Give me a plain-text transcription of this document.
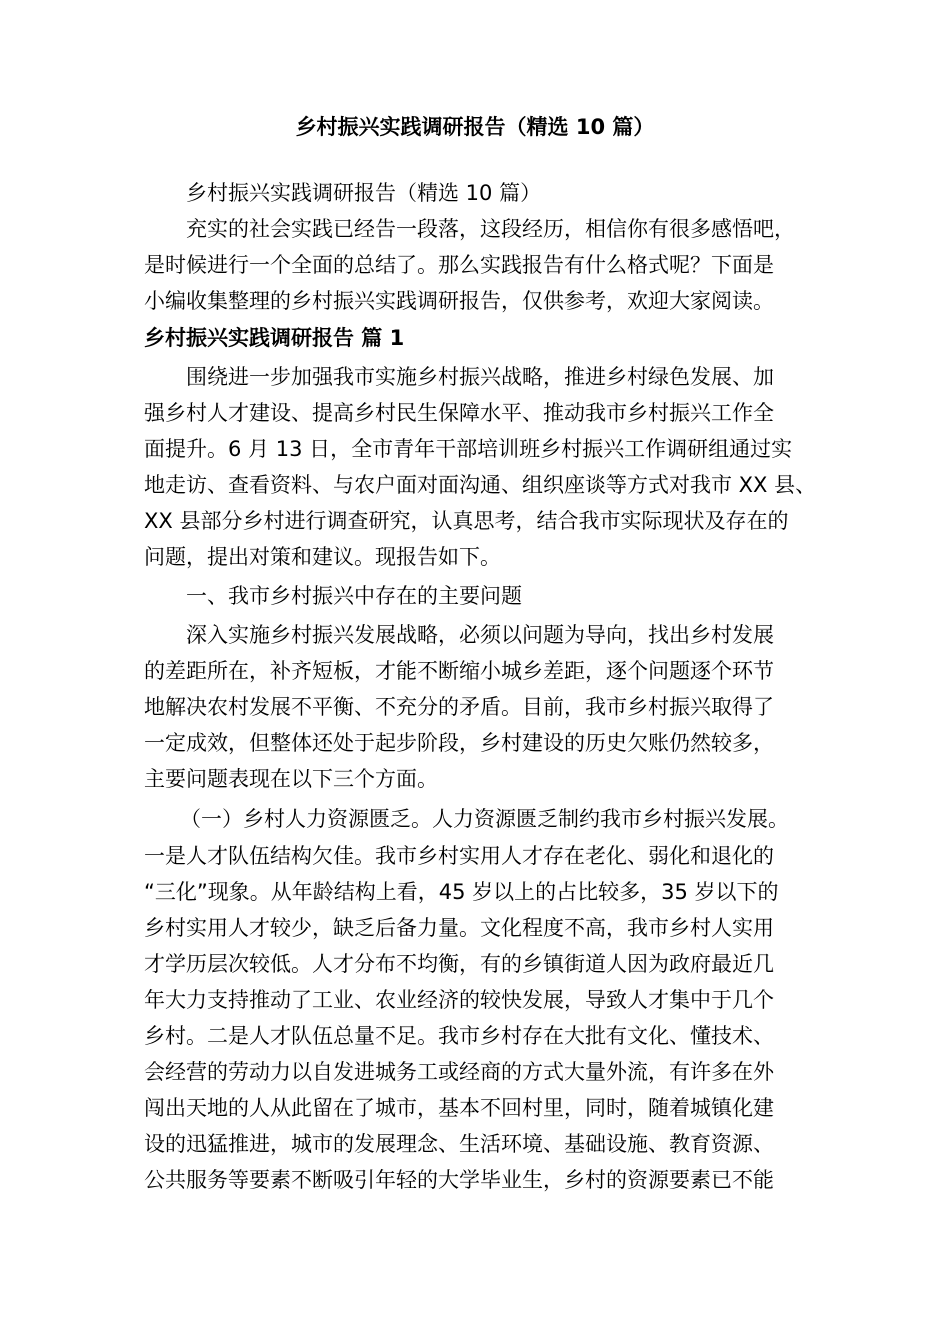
乡村振兴实践调研报告（精选 10 篇）
乡村振兴实践调研报告（精选 10 篇）
充实的社会实践已经告一段落，这段经历，相信你有很多感悟吧，
是时候进行一个全面的总结了。那么实践报告有什么格式呢？下面是
小编收集整理的乡村振兴实践调研报告，仅供参考，欢迎大家阅读。
乡村振兴实践调研报告 篇 1
围绕进一步加强我市实施乡村振兴战略，推进乡村绿色发展、加
强乡村人才建设、提高乡村民生保障水平、推动我市乡村振兴工作全
面提升。6 月 13 日，全市青年干部培训班乡村振兴工作调研组通过实
地走访、查看资料、与农户面对面沟通、组织座谈等方式对我市 XX 县、
XX 县部分乡村进行调查研究，认真思考，结合我市实际现状及存在的
问题，提出对策和建议。现报告如下。
一、我市乡村振兴中存在的主要问题
深入实施乡村振兴发展战略，必须以问题为导向，找出乡村发展
的差距所在，补齐短板，才能不断缩小城乡差距，逐个问题逐个环节
地解决农村发展不平衡、不充分的矛盾。目前，我市乡村振兴取得了
一定成效，但整体还处于起步阶段，乡村建设的历史欠账仍然较多，
主要问题表现在以下三个方面。
（一）乡村人力资源匮乏。人力资源匮乏制约我市乡村振兴发展。
一是人才队伍结构欠佳。我市乡村实用人才存在老化、弱化和退化的
“三化”现象。从年龄结构上看，45 岁以上的占比较多，35 岁以下的
乡村实用人才较少，缺乏后备力量。文化程度不高，我市乡村人实用
才学历层次较低。人才分布不均衡，有的乡镇街道人因为政府最近几
年大力支持推动了工业、农业经济的较快发展，导致人才集中于几个
乡村。二是人才队伍总量不足。我市乡村存在大批有文化、懂技术、
会经营的劳动力以自发进城务工或经商的方式大量外流，有许多在外
闯出天地的人从此留在了城市，基本不回村里，同时，随着城镇化建
设的迅猛推进，城市的发展理念、生活环境、基础设施、教育资源、
公共服务等要素不断吸引年轻的大学毕业生，乡村的资源要素已不能
